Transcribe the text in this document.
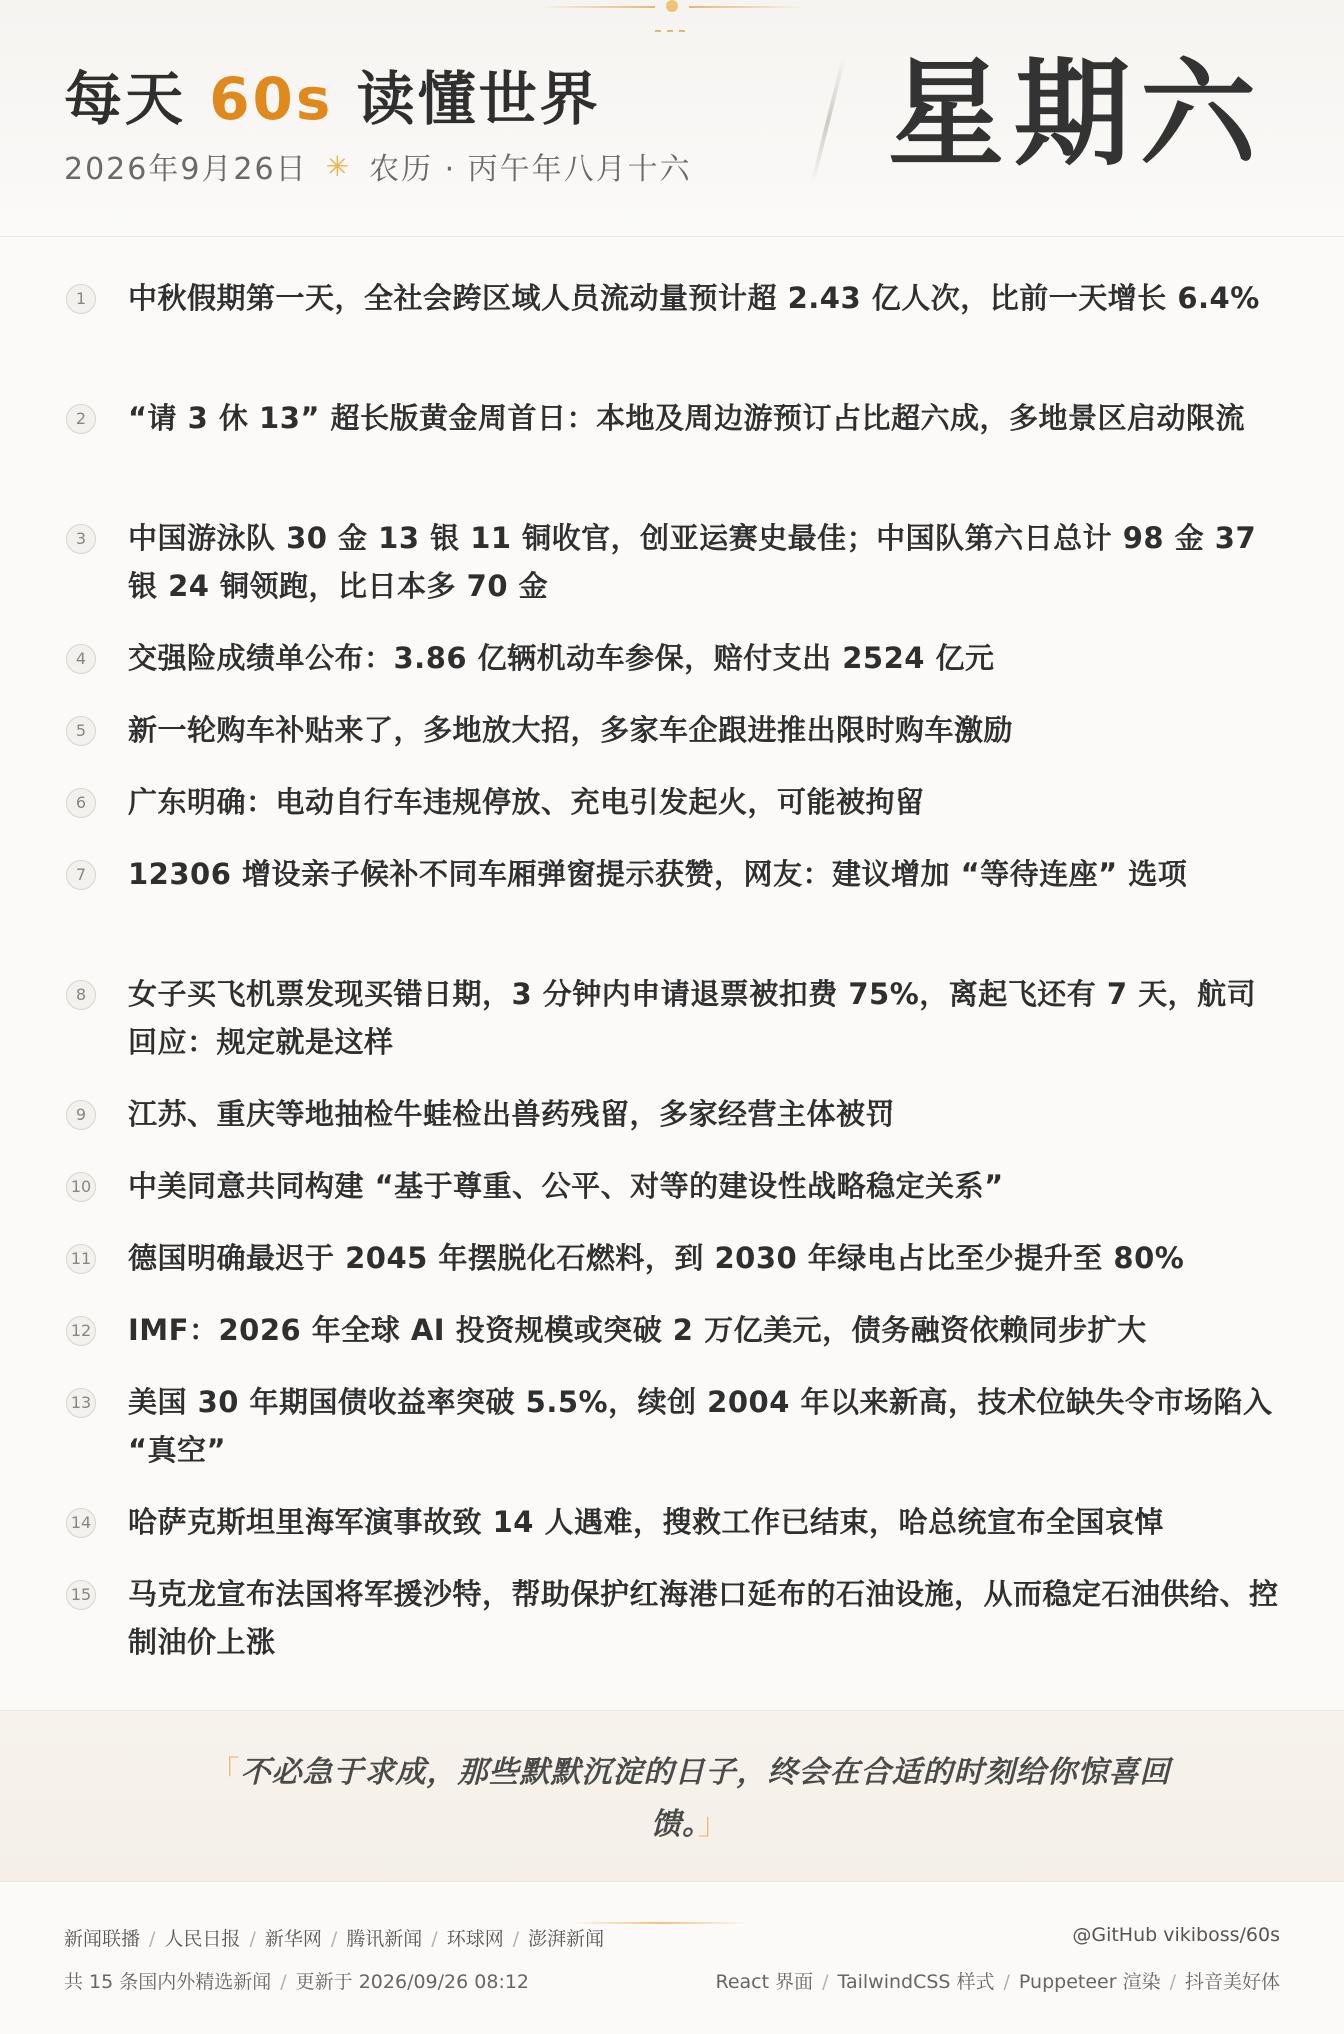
每天 60s 读懂世界
2026年9月26日 ✳ 农历 · 丙午年八月十六 星期六
1	中秋假期第一天，全社会跨区域人员流动量预计超 2.43 亿人次，比前一天增长 6.4%
2	“请 3 休 13” 超长版黄金周首日：本地及周边游预订占比超六成，多地景区启动限流
3	中国游泳队 30 金 13 银 11 铜收官，创亚运赛史最佳；中国队第六日总计 98 金 37 银 24 铜领跑，比日本多 70 金
4	交强险成绩单公布：3.86 亿辆机动车参保，赔付支出 2524 亿元
5	新一轮购车补贴来了，多地放大招，多家车企跟进推出限时购车激励
6	广东明确：电动自行车违规停放、充电引发起火，可能被拘留
7	12306 增设亲子候补不同车厢弹窗提示获赞，网友：建议增加 “等待连座” 选项
8	女子买飞机票发现买错日期，3 分钟内申请退票被扣费 75%，离起飞还有 7 天，航司回应：规定就是这样
9	江苏、重庆等地抽检牛蛙检出兽药残留，多家经营主体被罚
10 中美同意共同构建 “基于尊重、公平、对等的建设性战略稳定关系”
11 德国明确最迟于 2045 年摆脱化石燃料，到 2030 年绿电占比至少提升至 80%
12 IMF：2026 年全球 AI 投资规模或突破 2 万亿美元，债务融资依赖同步扩大
13 美国 30 年期国债收益率突破 5.5%，续创 2004 年以来新高，技术位缺失令市场陷入 “真空”
14 哈萨克斯坦里海军演事故致 14 人遇难，搜救工作已结束，哈总统宣布全国哀悼
15 马克龙宣布法国将军援沙特，帮助保护红海港口延布的石油设施，从而稳定石油供给、控制油价上涨
「不必急于求成，那些默默沉淀的日子，终会在合适的时刻给你惊喜回馈。」
新闻联播 / 人民日报 / 新华网 / 腾讯新闻 / 环球网 / 澎湃新闻
共 15 条国内外精选新闻 / 更新于 2026/09/26 08:12
@GitHub vikiboss/60s
React 界面 / TailwindCSS 样式 / Puppeteer 渲染 / 抖音美好体
